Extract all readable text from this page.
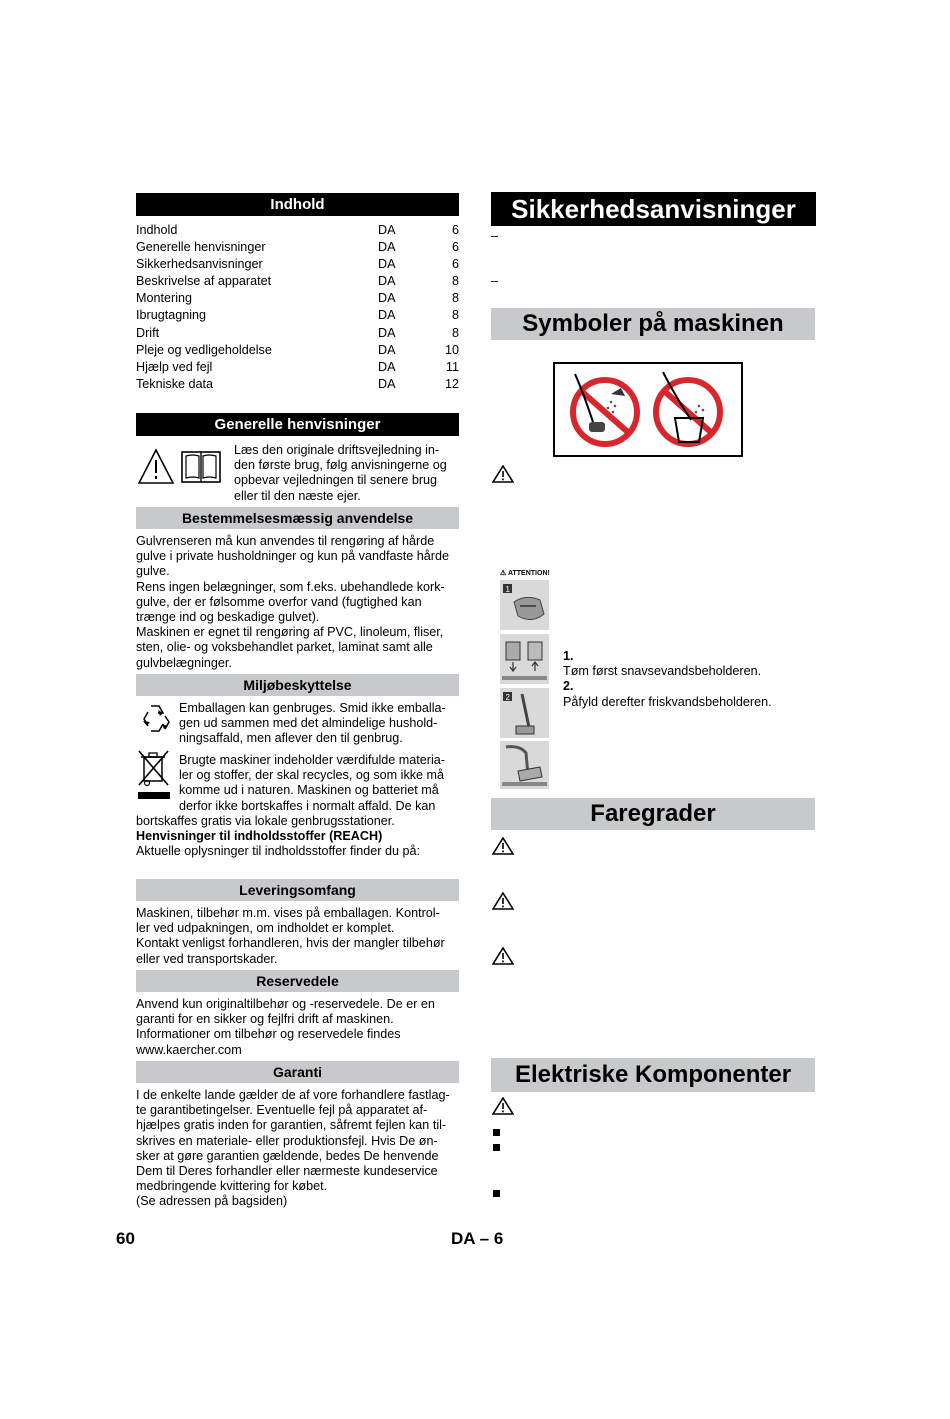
Indhold
Indhold	DA	6
Generelle henvisninger	DA	6
Sikkerhedsanvisninger	DA	6
Beskrivelse af apparatet	DA	8
Montering	DA	8
Ibrugtagning	DA	8
Drift	DA	8
Pleje og vedligeholdelse	DA	10
Hjælp ved fejl	DA	11
Tekniske data	DA	12
Generelle henvisninger
Læs den originale driftsvejledning in-
den første brug, følg anvisningerne og
opbevar vejledningen til senere brug
eller til den næste ejer.
Bestemmelsesmæssig anvendelse
Gulvrenseren må kun anvendes til rengøring af hårde
gulve i private husholdninger og kun på vandfaste hårde
gulve.
Rens ingen belægninger, som f.eks. ubehandlede kork-
gulve, der er følsomme overfor vand (fugtighed kan
trænge ind og beskadige gulvet).
Maskinen er egnet til rengøring af PVC, linoleum, fliser,
sten, olie- og voksbehandlet parket, laminat samt alle
gulvbelægninger.
Miljøbeskyttelse
Emballagen kan genbruges. Smid ikke emballa-
gen ud sammen med det almindelige hushold-
ningsaffald, men aflever den til genbrug.
Brugte maskiner indeholder værdifulde materia-
ler og stoffer, der skal recycles, og som ikke må
komme ud i naturen. Maskinen og batteriet må
derfor ikke bortskaffes i normalt affald. De kan
bortskaffes gratis via lokale genbrugsstationer.
Henvisninger til indholdsstoffer (REACH)
Aktuelle oplysninger til indholdsstoffer finder du på:
Leveringsomfang
Maskinen, tilbehør m.m. vises på emballagen. Kontrol-
ler ved udpakningen, om indholdet er komplet.
Kontakt venligst forhandleren, hvis der mangler tilbehør
eller ved transportskader.
Reservedele
Anvend kun originaltilbehør og -reservedele. De er en
garanti for en sikker og fejlfri drift af maskinen.
Informationer om tilbehør og reservedele findes
www.kaercher.com
Garanti
I de enkelte lande gælder de af vore forhandlere fastlag-
te garantibetingelser. Eventuelle fejl på apparatet af-
hjælpes gratis inden for garantien, såfremt fejlen kan til-
skrives en materiale- eller produktionsfejl. Hvis De øn-
sker at gøre garantien gældende, bedes De henvende
Dem til Deres forhandler eller nærmeste kundeservice
medbringende kvittering for købet.
(Se adressen på bagsiden)
Sikkerhedsanvisninger
–
–
Symboler på maskinen
⚠ ATTENTION!
1
2
1.
Tøm først snavsevandsbeholderen.
2.
Påfyld derefter friskvandsbeholderen.
Faregrader
Elektriske Komponenter
60	DA – 6
